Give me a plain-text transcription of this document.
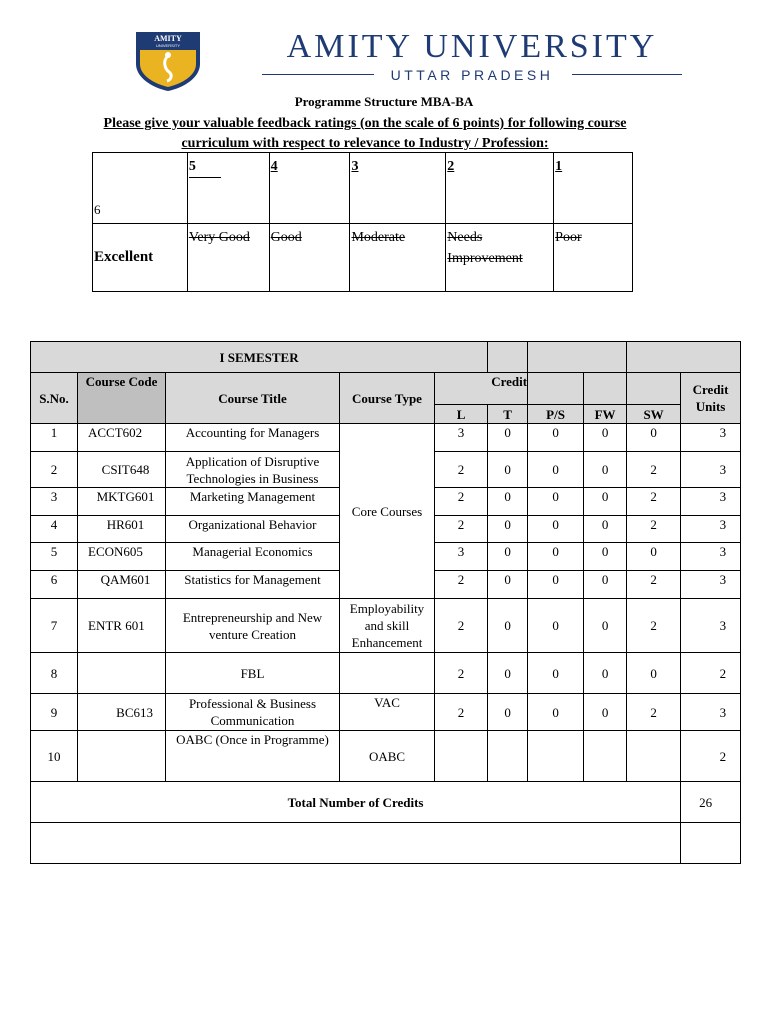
AMITY
UNIVERSITY	AMITY UNIVERSITY
UTTAR PRADESH
Programme Structure MBA-BA
Please give your valuable feedback ratings (on the scale of 6 points) for following course curriculum with respect to relevance to Industry / Profession:
6	5	4	3	2	1
Excellent	Very Good	Good	Moderate	Needs Improvement	Poor
I SEMESTER									
S.No.	Course Code	Course Title	Course Type	Credit					Credit Units
				L	T	P/S	FW	SW	
1	ACCT602	Accounting for Managers	Core Courses	3	0	0	0	0	3
2	CSIT648	Application of Disruptive Technologies in Business		2	0	0	0	2	3
3	MKTG601	Marketing Management		2	0	0	0	2	3
4	HR601	Organizational Behavior		2	0	0	0	2	3
5	ECON605	Managerial Economics		3	0	0	0	0	3
6	QAM601	Statistics for Management		2	0	0	0	2	3
7	ENTR 601	Entrepreneurship and New venture Creation	Employability and skill Enhancement	2	0	0	0	2	3
8		FBL		2	0	0	0	0	2
9	BC613	Professional & Business Communication	VAC	2	0	0	0	2	3
10		OABC (Once in Programme)	OABC						2
Total Number of Credits									26
